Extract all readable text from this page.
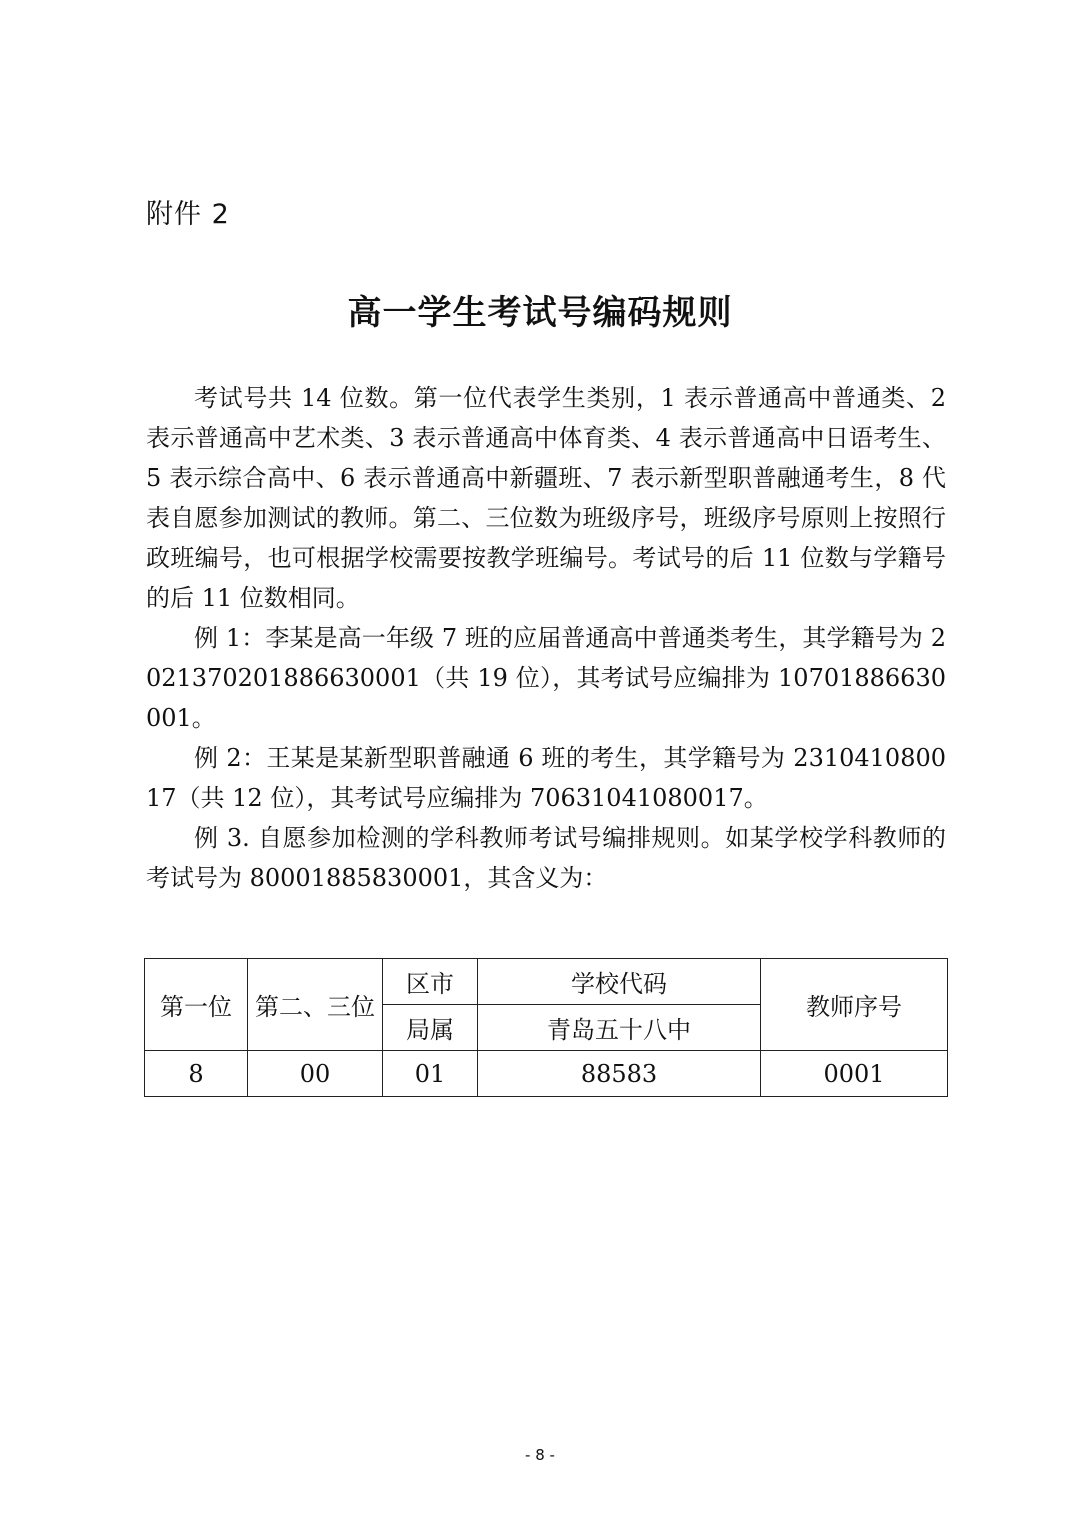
附件 2
高一学生考试号编码规则

考试号共 14 位数。第一位代表学生类别，1 表示普通高中普通类、2 表示普通高中艺术类、3 表示普通高中体育类、4 表示普通高中日语考生、5 表示综合高中、6 表示普通高中新疆班、7 表示新型职普融通考生，8 代表自愿参加测试的教师。第二、三位数为班级序号，班级序号原则上按照行政班编号，也可根据学校需要按教学班编号。考试号的后 11 位数与学籍号的后 11 位数相同。

例 1：李某是高一年级 7 班的应届普通高中普通类考生，其学籍号为 2021370201886630001（共 19 位），其考试号应编排为 10701886630001。

例 2：王某是某新型职普融通 6 班的考生，其学籍号为 231041080017（共 12 位），其考试号应编排为 70631041080017。

例 3. 自愿参加检测的学科教师考试号编排规则。如某学校学科教师的考试号为 80001885830001，其含义为：

第一位	第二、三位	区市	学校代码	教师序号
		局属	青岛五十八中	
8	00	01	88583	0001
- 8 -
